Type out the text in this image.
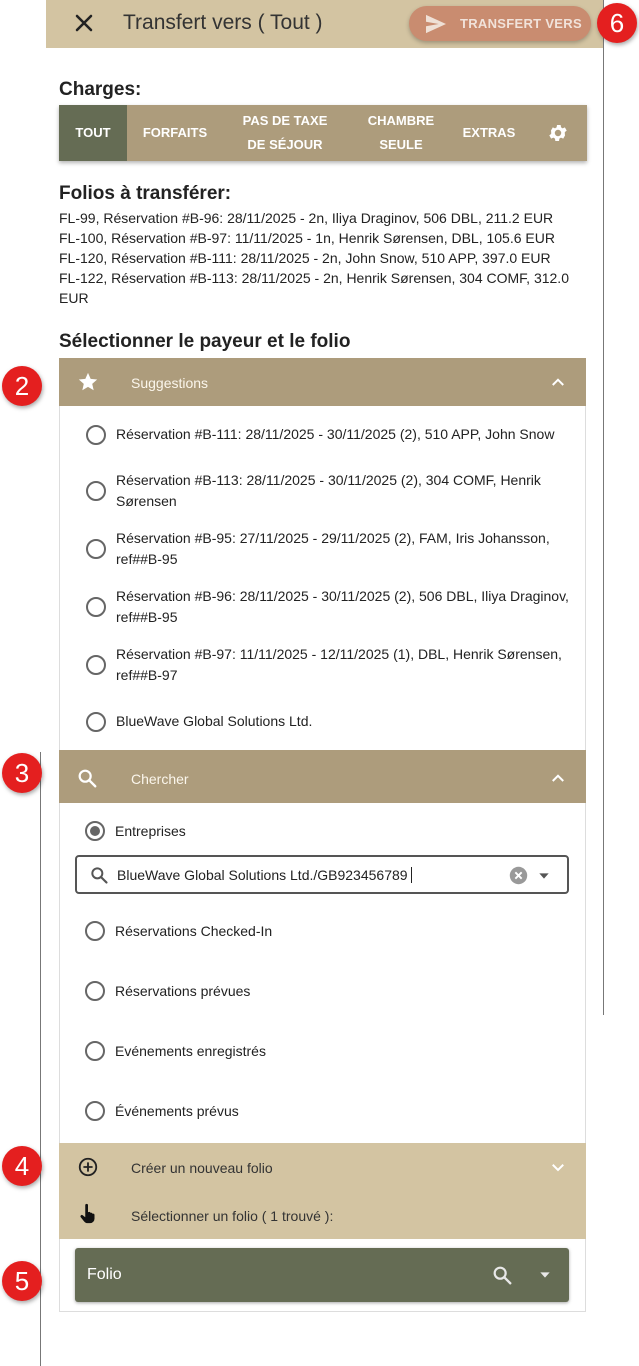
Transfert vers ( Tout )	TRANSFERT VERS
Charges:
TOUT FORFAITS
PAS DE TAXE
DE SÉJOUR
CHAMBRE
SEULE
EXTRAS
Folios à transférer:
FL-99, Réservation #B-96: 28/11/2025 - 2n, Iliya Draginov, 506 DBL, 211.2 EUR
FL-100, Réservation #B-97: 11/11/2025 - 1n, Henrik Sørensen, DBL, 105.6 EUR
FL-120, Réservation #B-111: 28/11/2025 - 2n, John Snow, 510 APP, 397.0 EUR
FL-122, Réservation #B-113: 28/11/2025 - 2n, Henrik Sørensen, 304 COMF, 312.0 EUR
Sélectionner le payeur et le folio
Suggestions
Réservation #B-111: 28/11/2025 - 30/11/2025 (2), 510 APP, John Snow
Réservation #B-113: 28/11/2025 - 30/11/2025 (2), 304 COMF, Henrik Sørensen
Réservation #B-95: 27/11/2025 - 29/11/2025 (2), FAM, Iris Johansson, ref##B-95
Réservation #B-96: 28/11/2025 - 30/11/2025 (2), 506 DBL, Iliya Draginov, ref##B-95
Réservation #B-97: 11/11/2025 - 12/11/2025 (1), DBL, Henrik Sørensen, ref##B-97
BlueWave Global Solutions Ltd.
Chercher
Entreprises
BlueWave Global Solutions Ltd./GB923456789
Réservations Checked-In
Réservations prévues
Evénements enregistrés
Événements prévus
Créer un nouveau folio
Sélectionner un folio ( 1 trouvé ):
Folio
2
3
4
5
6
